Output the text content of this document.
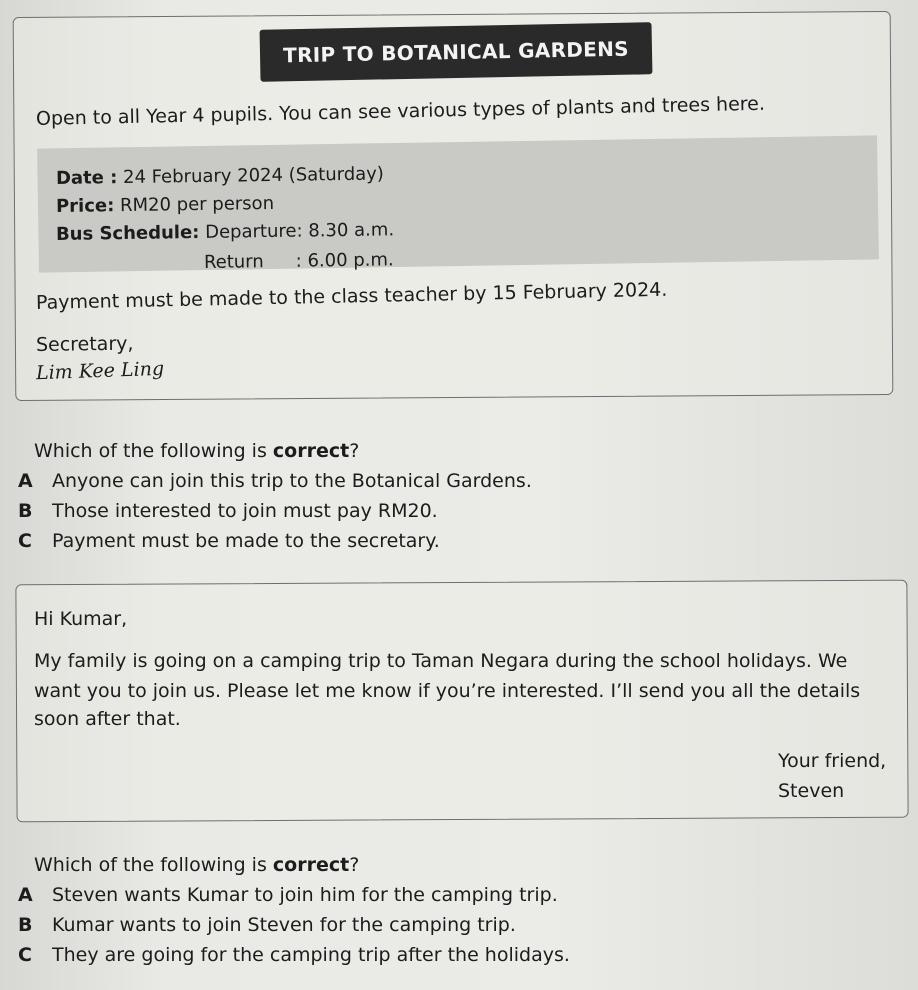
TRIP TO BOTANICAL GARDENS
Open to all Year 4 pupils. You can see various types of plants and trees here.
Date : 24 February 2024 (Saturday)
Price: RM20 per person
Bus Schedule: Departure: 8.30 a.m.
Return : 6.00 p.m.
Payment must be made to the class teacher by 15 February 2024.
Secretary,
Lim Kee Ling
Which of the following is correct?
A Anyone can join this trip to the Botanical Gardens.
B Those interested to join must pay RM20.
C Payment must be made to the secretary.
Hi Kumar,
My family is going on a camping trip to Taman Negara during the school holidays. We
want you to join us. Please let me know if you’re interested. I’ll send you all the details
soon after that.
Your friend,
Steven
Which of the following is correct?
A Steven wants Kumar to join him for the camping trip.
B Kumar wants to join Steven for the camping trip.
C They are going for the camping trip after the holidays.
